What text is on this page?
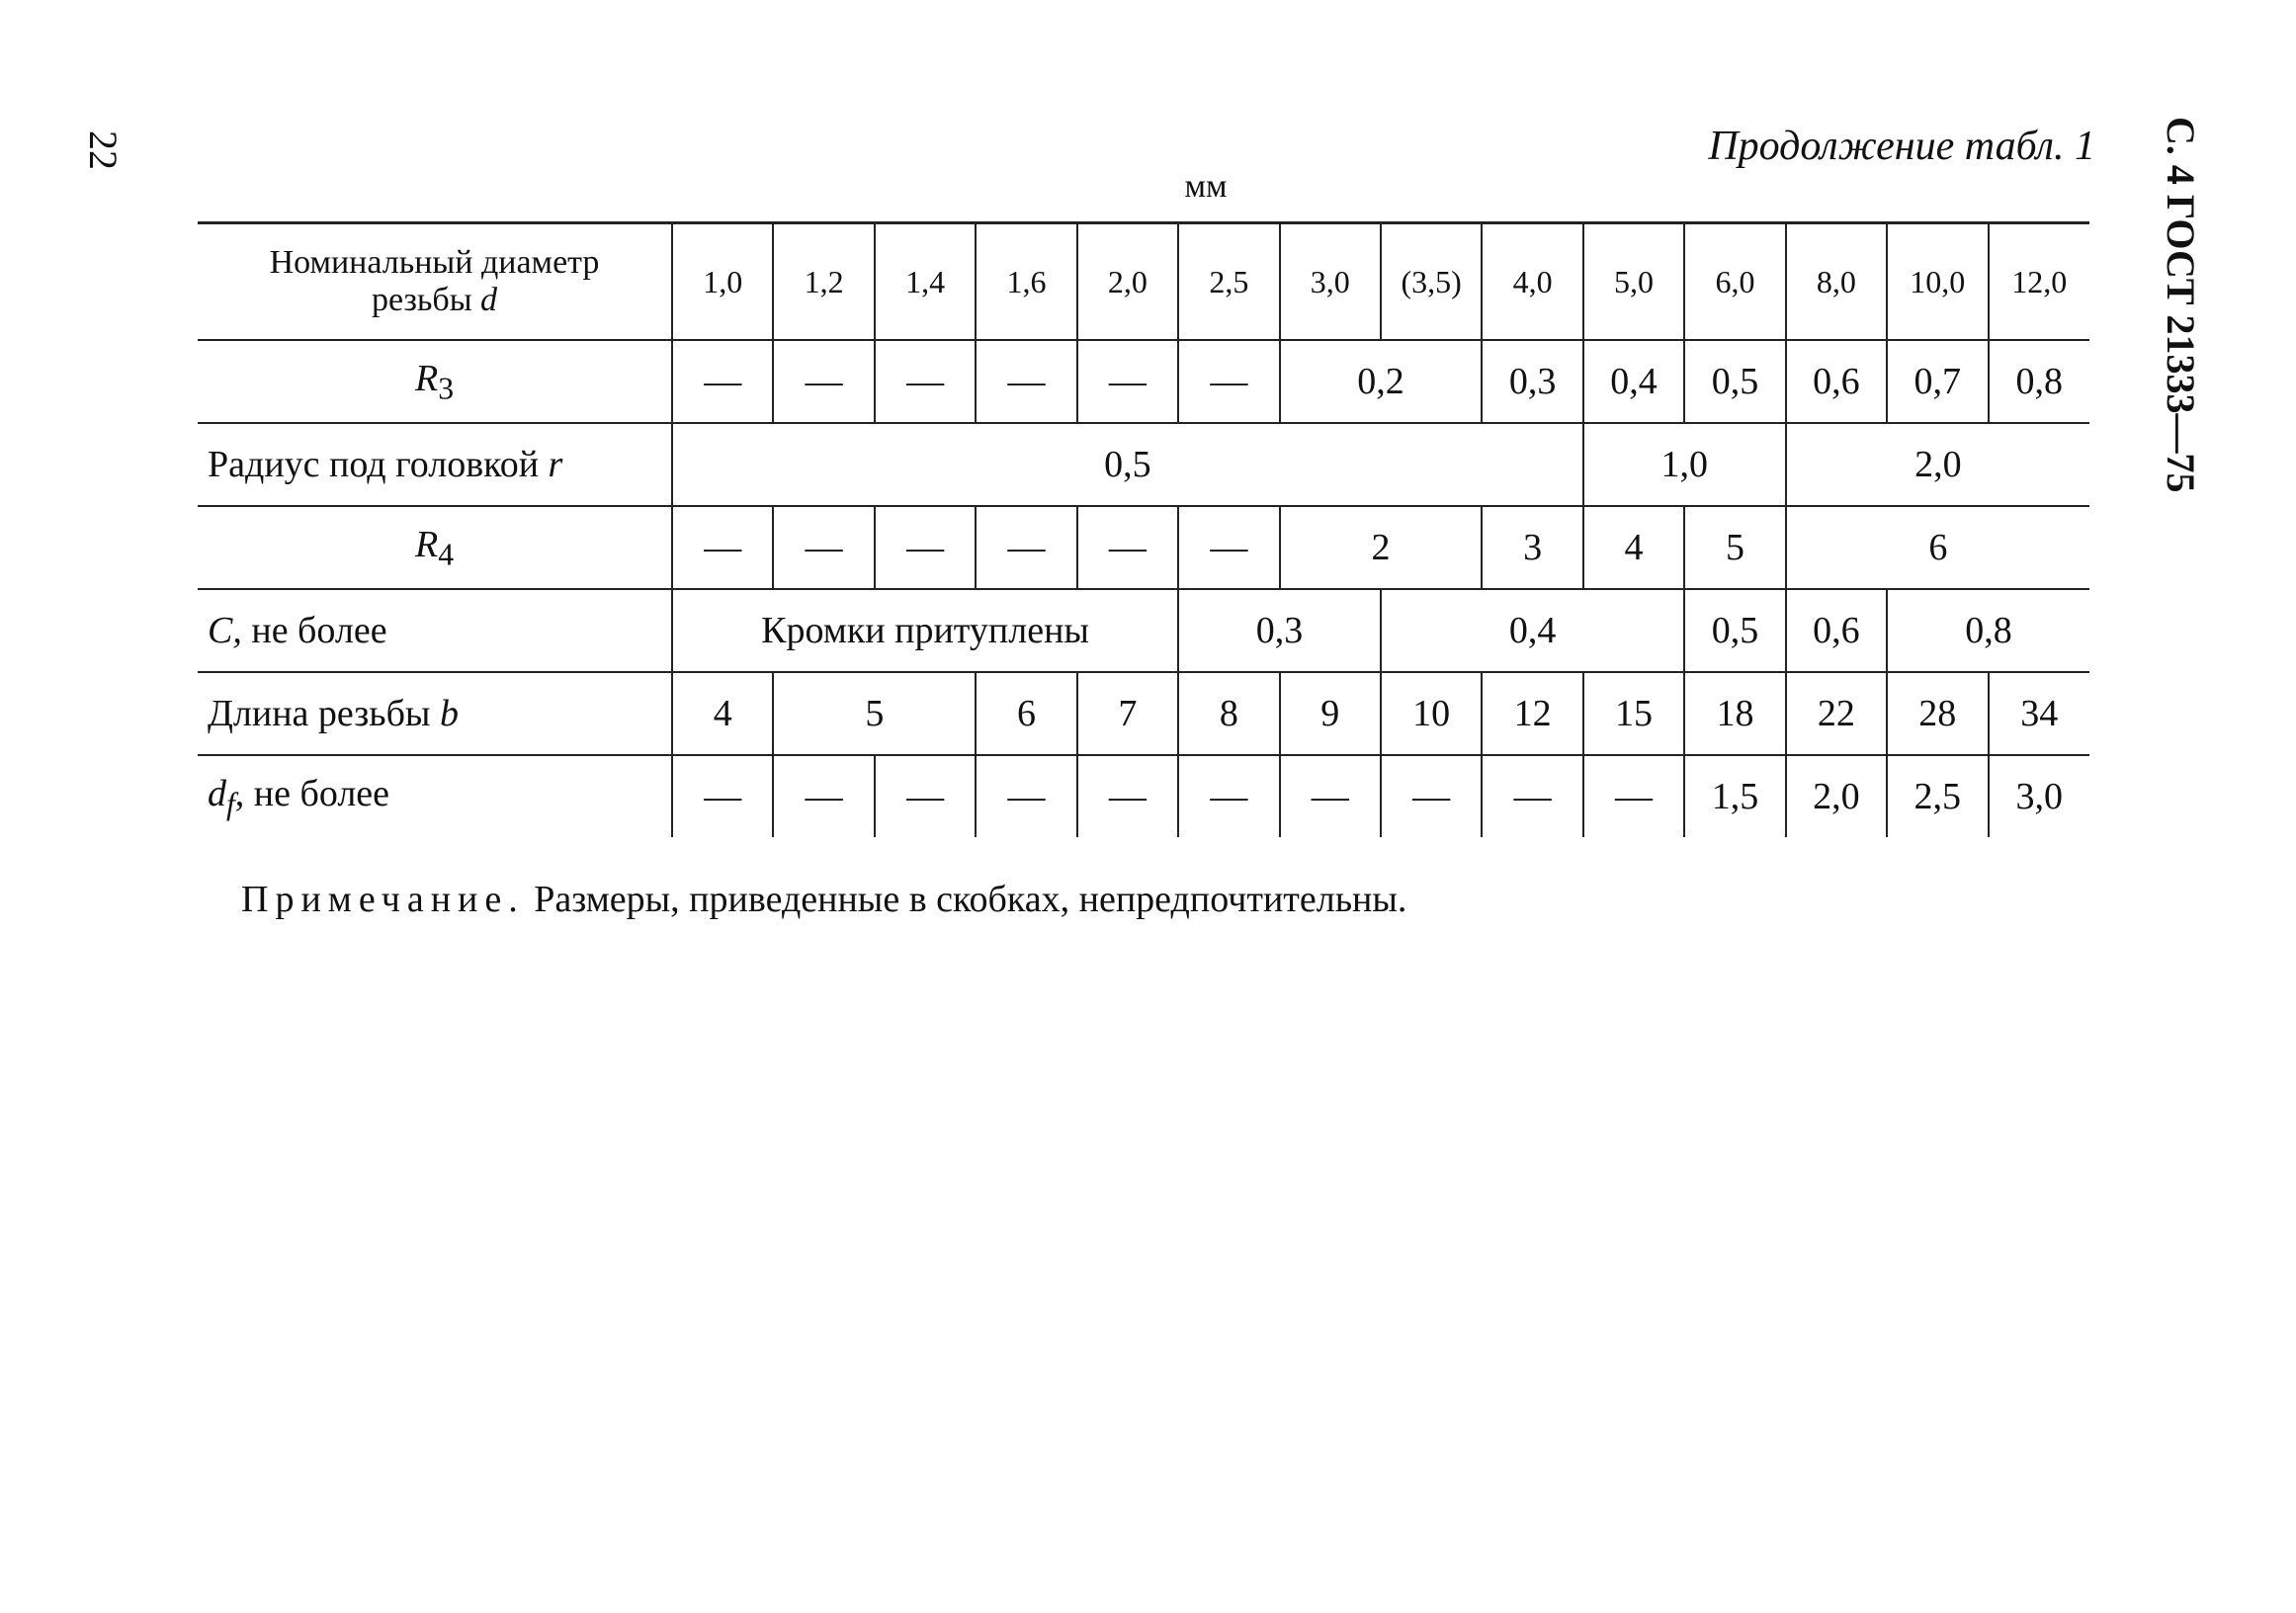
22	С. 4 ГОСТ 21333—75
Продолжение табл. 1
мм
Номинальный диаметр
резьбы d	1,0	1,2	1,4	1,6	2,0	2,5	3,0	(3,5)	4,0	5,0	6,0	8,0	10,0	12,0
$R_3$	—	—	—	—	—	—	0,2		0,3	0,4	0,5	0,6	0,7	0,8
Радиус под головкой r	0,5									1,0		2,0		
$R_4$	—	—	—	—	—	—	2		3	4	5	6		
С, не более	Кромки притуплены					0,3		0,4			0,5	0,6	0,8	
Длина резьбы b	4	5		6	7	8	9	10	12	15	18	22	28	34
$d_f$, не более	—	—	—	—	—	—	—	—	—	—	1,5	2,0	2,5	3,0
Примечание. Размеры, приведенные в скобках, непредпочтительны.
